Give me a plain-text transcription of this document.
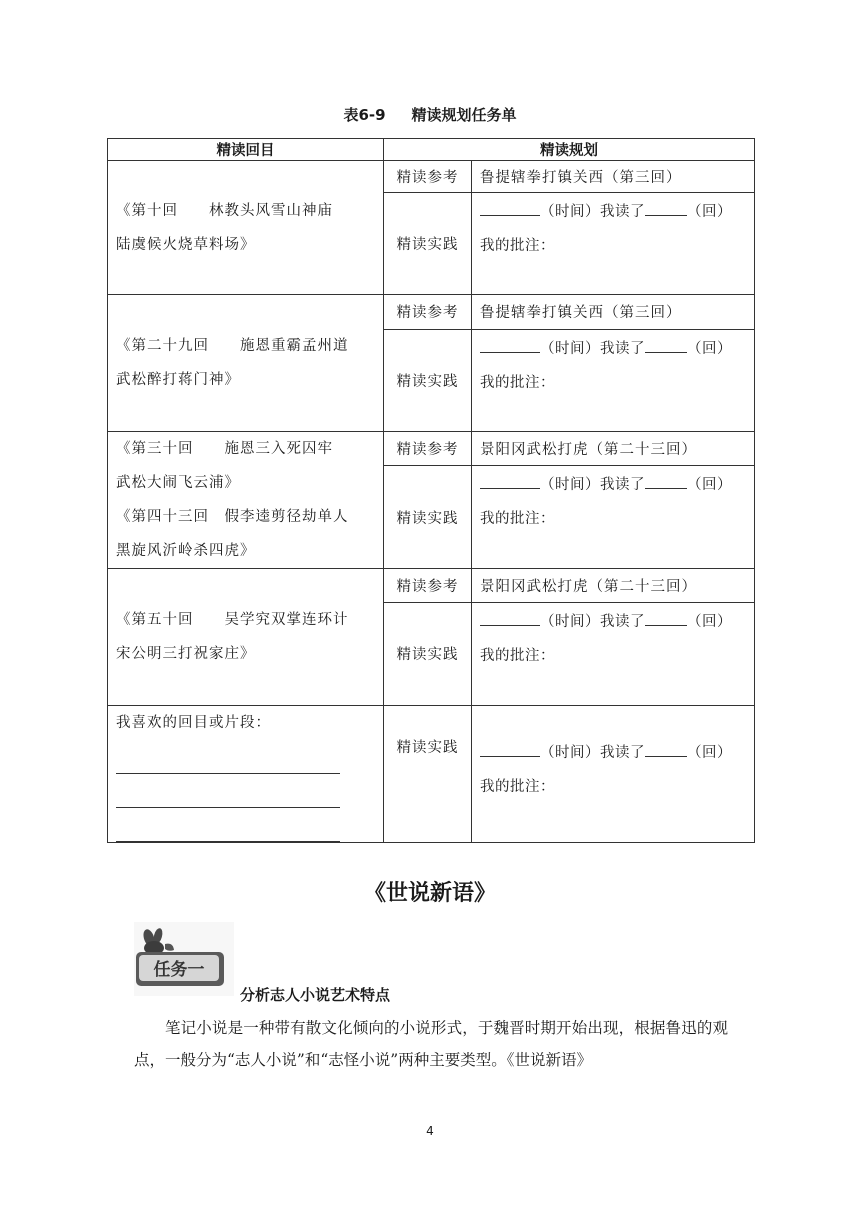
表6-9 精读规划任务单
精读回目	精读规划	

《第十回　　林教头风雪山神庙
陆虞候火烧草料场》	精读参考	鲁提辖拳打镇关西（第三回）
	精读实践	（时间）我读了 （回）
我的批注：

《第二十九回　　施恩重霸孟州道
武松醉打蒋门神》	精读参考	鲁提辖拳打镇关西（第三回）
	精读实践	（时间）我读了 （回）
我的批注：

《第三十回　　施恩三入死囚牢
武松大闹飞云浦》
《第四十三回　假李逵剪径劫单人
黑旋风沂岭杀四虎》	精读参考	景阳冈武松打虎（第二十三回）
	精读实践	（时间）我读了 （回）
我的批注：

《第五十回　　吴学究双掌连环计
宋公明三打祝家庄》	精读参考	景阳冈武松打虎（第二十三回）
	精读实践	（时间）我读了 （回）
我的批注：

我喜欢的回目或片段：	精读实践	（时间）我读了 （回）
我的批注：
《世说新语》
任务一
分析志人小说艺术特点
笔记小说是一种带有散文化倾向的小说形式，于魏晋时期开始出现，根据鲁迅的观点，一般分为“志人小说”和“志怪小说”两种主要类型。《世说新语》
4
